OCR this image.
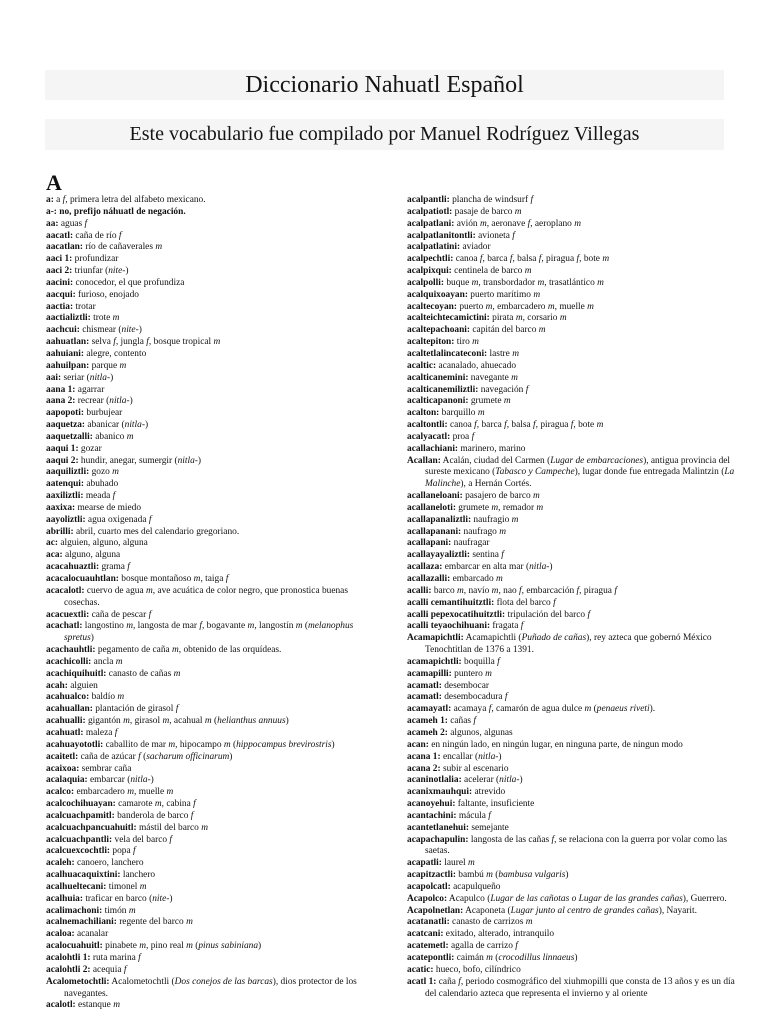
Diccionario Nahuatl Español
Este vocabulario fue compilado por Manuel Rodríguez Villegas
A
a: a f, primera letra del alfabeto mexicano.
a-: no, prefijo náhuatl de negación.
aa: aguas f
aacatl: caña de río f
aacatlan: río de cañaverales m
aaci 1: profundizar
aaci 2: triunfar (nite-)
aacini: conocedor, el que profundiza
aacqui: furioso, enojado
aactia: trotar
aactializtli: trote m
aachcui: chismear (nite-)
aahuatlan: selva f, jungla f, bosque tropical m
aahuiani: alegre, contento
aahuilpan: parque m
aai: seriar (nitla-)
aana 1: agarrar
aana 2: recrear (nitla-)
aapopoti: burbujear
aaquetza: abanicar (nitla-)
aaquetzalli: abanico m
aaqui 1: gozar
aaqui 2: hundir, anegar, sumergir (nitla-)
aaquiliztli: gozo m
aatenqui: abuhado
aaxiliztli: meada f
aaxixa: mearse de miedo
aayoliztli: agua oxigenada f
abrilli: abril, cuarto mes del calendario gregoriano.
ac: alguien, alguno, alguna
aca: alguno, alguna
acacahuaztli: grama f
acacalocuauhtlan: bosque montañoso m, taiga f
acacalotl: cuervo de agua m, ave acuática de color negro, que pronostica buenas cosechas.
acacuextli: caña de pescar f
acachatl: langostino m, langosta de mar f, bogavante m, langostín m (melanophus spretus)
acachauhtli: pegamento de caña m, obtenido de las orquídeas.
acachicolli: ancla m
acachiquihuitl: canasto de cañas m
acah: alguien
acahualco: baldío m
acahuallan: plantación de girasol f
acahualli: gigantón m, girasol m, acahual m (helianthus annuus)
acahuatl: maleza f
acahuayototli: caballito de mar m, hipocampo m (hippocampus brevirostris)
acaitetl: caña de azúcar f (sacharum officinarum)
acaixoa: sembrar caña
acalaquia: embarcar (nitla-)
acalco: embarcadero m, muelle m
acalcochihuayan: camarote m, cabina f
acalcuachpamitl: banderola de barco f
acalcuachpancuahuitl: mástil del barco m
acalcuachpantli: vela del barco f
acalcuexcochtli: popa f
acaleh: canoero, lanchero
acalhuacaquixtini: lanchero
acalhueltecani: timonel m
acalhuia: traficar en barco (nite-)
acalimachoni: timón m
acalnemachiliani: regente del barco m
acaloa: acanalar
acalocuahuitl: pinabete m, pino real m (pinus sabiniana)
acalohtli 1: ruta marina f
acalohtli 2: acequia f
Acalometochtli: Acalometochtli (Dos conejos de las barcas), dios protector de los navegantes.
acalotl: estanque m
acalpantli: plancha de windsurf f
acalpatiotl: pasaje de barco m
acalpatlani: avión m, aeronave f, aeroplano m
acalpatlanitontli: avioneta f
acalpatlatini: aviador
acalpechtli: canoa f, barca f, balsa f, piragua f, bote m
acalpixqui: centinela de barco m
acalpolli: buque m, transbordador m, trasatlántico m
acalquixoayan: puerto marítimo m
acaltecoyan: puerto m, embarcadero m, muelle m
acalteichtecamictini: pirata m, corsario m
acaltepachoani: capitán del barco m
acaltepiton: tiro m
acaltetlalincateconi: lastre m
acaltic: acanalado, ahuecado
acalticanemini: navegante m
acalticanemiliztli: navegación f
acalticapanoni: grumete m
acalton: barquillo m
acaltontli: canoa f, barca f, balsa f, piragua f, bote m
acalyacatl: proa f
acallachiani: marinero, marino
Acallan: Acalán, ciudad del Carmen (Lugar de embarcaciones), antigua provincia del sureste mexicano (Tabasco y Campeche), lugar donde fue entregada Malintzin (La Malinche), a Hernán Cortés.
acallaneloani: pasajero de barco m
acallaneloti: grumete m, remador m
acallapanaliztli: naufragio m
acallapanani: naufrago m
acallapani: naufragar
acallayayaliztli: sentina f
acallaza: embarcar en alta mar (nitla-)
acallazalli: embarcado m
acalli: barco m, navío m, nao f, embarcación f, piragua f
acalli cemantihuitztli: flota del barco f
acalli pepexocatihuitztli: tripulación del barco f
acalli teyaochihuani: fragata f
Acamapichtli: Acamapichtli (Puñado de cañas), rey azteca que gobernó México Tenochtitlan de 1376 a 1391.
acamapichtli: boquilla f
acamapilli: puntero m
acamatl: desembocar
acamatl: desembocadura f
acamayatl: acamaya f, camarón de agua dulce m (penaeus riveti).
acameh 1: cañas f
acameh 2: algunos, algunas
acan: en ningún lado, en ningún lugar, en ninguna parte, de ningun modo
acana 1: encallar (nitla-)
acana 2: subir al escenario
acaninotlalia: acelerar (nitla-)
acanixmauhqui: atrevido
acanoyehui: faltante, insuficiente
acantachini: mácula f
acantetlanehui: semejante
acapachapulin: langosta de las cañas f, se relaciona con la guerra por volar como las saetas.
acapatli: laurel m
acapitzactli: bambú m (bambusa vulgaris)
acapolcatl: acapulqueño
Acapolco: Acapulco (Lugar de las cañotas o Lugar de las grandes cañas), Guerrero.
Acapolnetlan: Acaponeta (Lugar junto al centro de grandes cañas), Nayarit.
acatanatli: canasto de carrizos m
acatcani: exitado, alterado, intranquilo
acatemetl: agalla de carrizo f
acatepontli: caimán m (crocodillus linnaeus)
acatic: hueco, bofo, cilíndrico
acatl 1: caña f, periodo cosmográfico del xiuhmopilli que consta de 13 años y es un día del calendario azteca que representa el invierno y al oriente
